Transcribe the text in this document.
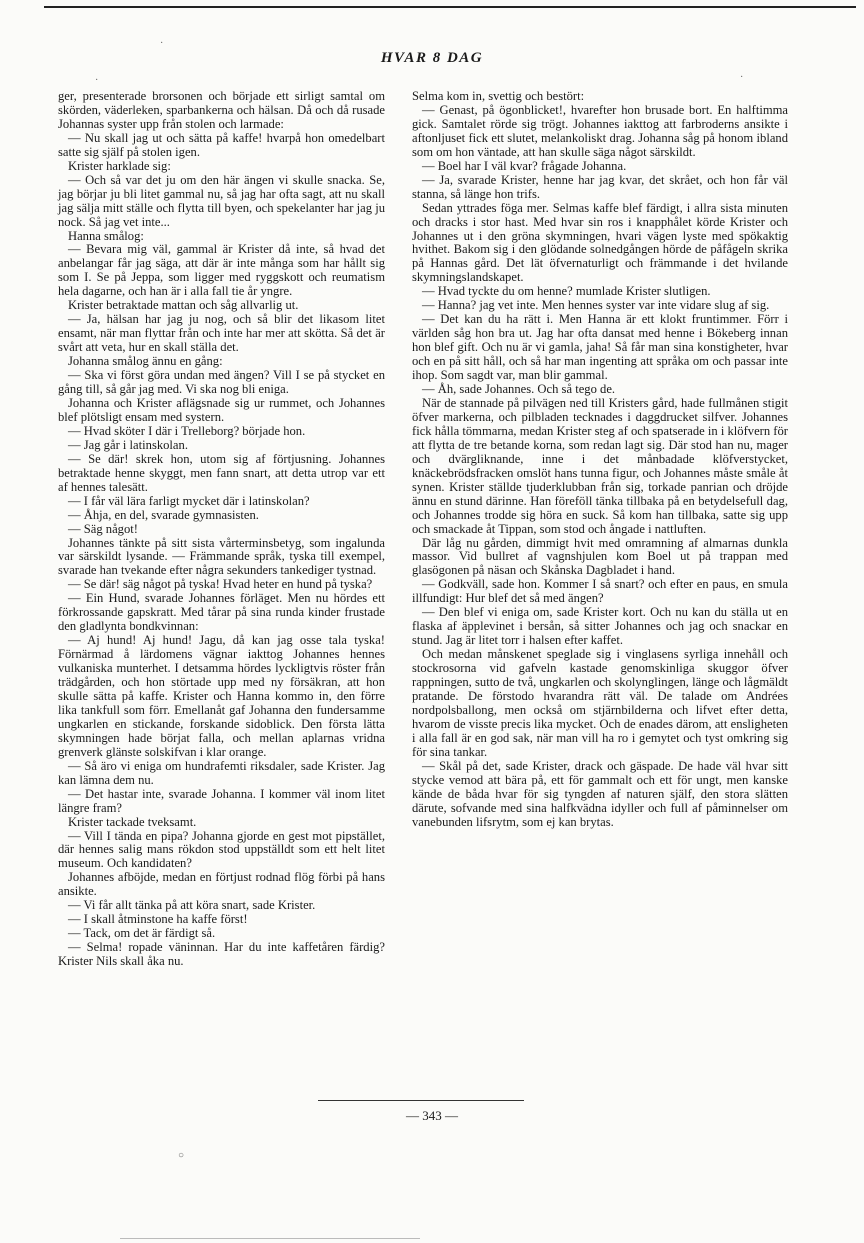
HVAR 8 DAG
·
·	·
○

ger, presenterade brorsonen och började ett sirligt samtal om skörden, väderleken, sparbankerna och hälsan. Då och då rusade Johannas syster upp från stolen och larmade:

— Nu skall jag ut och sätta på kaffe! hvarpå hon omedelbart satte sig själf på stolen igen.

Krister harklade sig:

— Och så var det ju om den här ängen vi skulle snacka. Se, jag börjar ju bli litet gammal nu, så jag har ofta sagt, att nu skall jag sälja mitt ställe och flytta till byen, och spekelanter har jag ju nock. Så jag vet inte...

Hanna smålog:

— Bevara mig väl, gammal är Krister då inte, så hvad det anbelangar får jag säga, att där är inte många som har hållt sig som I. Se på Jeppa, som ligger med ryggskott och reumatism hela dagarne, och han är i alla fall tie år yngre.

Krister betraktade mattan och såg allvarlig ut.

— Ja, hälsan har jag ju nog, och så blir det likasom litet ensamt, när man flyttar från och inte har mer att skötta. Så det är svårt att veta, hur en skall ställa det.

Johanna smålog ännu en gång:

— Ska vi först göra undan med ängen? Vill I se på stycket en gång till, så går jag med. Vi ska nog bli eniga.

Johanna och Krister aflägsnade sig ur rummet, och Johannes blef plötsligt ensam med systern.

— Hvad sköter I där i Trelleborg? började hon.

— Jag går i latinskolan.

— Se där! skrek hon, utom sig af förtjusning. Johannes betraktade henne skyggt, men fann snart, att detta utrop var ett af hennes talesätt.

— I får väl lära farligt mycket där i latinskolan?

— Åhja, en del, svarade gymnasisten.

— Säg något!

Johannes tänkte på sitt sista vårterminsbetyg, som ingalunda var särskildt lysande. — Främmande språk, tyska till exempel, svarade han tvekande efter några sekunders tankediger tystnad.

— Se där! säg något på tyska! Hvad heter en hund på tyska?

— Ein Hund, svarade Johannes förläget. Men nu hördes ett förkrossande gapskratt. Med tårar på sina runda kinder frustade den gladlynta bondkvinnan:

— Aj hund! Aj hund! Jagu, då kan jag osse tala tyska! Förnärmad å lärdomens vägnar iakttog Johannes hennes vulkaniska munterhet. I detsamma hördes lyckligtvis röster från trädgården, och hon störtade upp med ny försäkran, att hon skulle sätta på kaffe. Krister och Hanna kommo in, den förre lika tankfull som förr. Emellanåt gaf Johanna den fundersamme ungkarlen en stickande, forskande sidoblick. Den första lätta skymningen hade börjat falla, och mellan aplarnas vridna grenverk glänste solskifvan i klar orange.

— Så äro vi eniga om hundrafemti riksdaler, sade Krister. Jag kan lämna dem nu.

— Det hastar inte, svarade Johanna. I kommer väl inom litet längre fram?

Krister tackade tveksamt.

— Vill I tända en pipa? Johanna gjorde en gest mot pipstället, där hennes salig mans rökdon stod uppställdt som ett helt litet museum. Och kandidaten?

Johannes afböjde, medan en förtjust rodnad flög förbi på hans ansikte.

— Vi får allt tänka på att köra snart, sade Krister.

— I skall åtminstone ha kaffe först!

— Tack, om det är färdigt så.

— Selma! ropade väninnan. Har du inte kaffetåren färdig? Krister Nils skall åka nu.

Selma kom in, svettig och bestört:

— Genast, på ögonblicket!, hvarefter hon brusade bort. En halftimma gick. Samtalet rörde sig trögt. Johannes iakttog att farbroderns ansikte i aftonljuset fick ett slutet, melankoliskt drag. Johanna såg på honom ibland som om hon väntade, att han skulle säga något särskildt.

— Boel har I väl kvar? frågade Johanna.

— Ja, svarade Krister, henne har jag kvar, det skrået, och hon får väl stanna, så länge hon trifs.

Sedan yttrades föga mer. Selmas kaffe blef färdigt, i allra sista minuten och dracks i stor hast. Med hvar sin ros i knapphålet körde Krister och Johannes ut i den gröna skymningen, hvari vägen lyste med spökaktig hvithet. Bakom sig i den glödande solnedgången hörde de påfågeln skrika på Hannas gård. Det lät öfvernaturligt och främmande i det hvilande skymningslandskapet.

— Hvad tyckte du om henne? mumlade Krister slutligen.

— Hanna? jag vet inte. Men hennes syster var inte vidare slug af sig.

— Det kan du ha rätt i. Men Hanna är ett klokt fruntimmer. Förr i världen såg hon bra ut. Jag har ofta dansat med henne i Bökeberg innan hon blef gift. Och nu är vi gamla, jaha! Så får man sina konstigheter, hvar och en på sitt håll, och så har man ingenting att språka om och passar inte ihop. Som sagdt var, man blir gammal.

— Åh, sade Johannes. Och så tego de.

När de stannade på pilvägen ned till Kristers gård, hade fullmånen stigit öfver markerna, och pilbladen tecknades i daggdrucket silfver. Johannes fick hålla tömmarna, medan Krister steg af och spatserade in i klöfvern för att flytta de tre betande korna, som redan lagt sig. Där stod han nu, mager och dvärgliknande, inne i det månbadade klöfverstycket, knäckebrödsfracken omslöt hans tunna figur, och Johannes måste småle åt synen. Krister ställde tjuderklubban från sig, torkade panrian och dröjde ännu en stund därinne. Han föreföll tänka tillbaka på en betydelsefull dag, och Johannes trodde sig höra en suck. Så kom han tillbaka, satte sig upp och smackade åt Tippan, som stod och ångade i nattluften.

Där låg nu gården, dimmigt hvit med omramning af almarnas dunkla massor. Vid bullret af vagnshjulen kom Boel ut på trappan med glasögonen på näsan och Skånska Dagbladet i hand.

— Godkväll, sade hon. Kommer I så snart? och efter en paus, en smula illfundigt: Hur blef det så med ängen?

— Den blef vi eniga om, sade Krister kort. Och nu kan du ställa ut en flaska af äpplevinet i bersån, så sitter Johannes och jag och snackar en stund. Jag är litet torr i halsen efter kaffet.

Och medan månskenet speglade sig i vinglasens syrliga innehåll och stockrosorna vid gafveln kastade genomskinliga skuggor öfver rappningen, sutto de två, ungkarlen och skolynglingen, länge och lågmäldt pratande. De förstodo hvarandra rätt väl. De talade om Andrées nordpolsballong, men också om stjärnbilderna och lifvet efter detta, hvarom de visste precis lika mycket. Och de enades därom, att ensligheten i alla fall är en god sak, när man vill ha ro i gemytet och tyst omkring sig för sina tankar.

— Skål på det, sade Krister, drack och gäspade. De hade väl hvar sitt stycke vemod att bära på, ett för gammalt och ett för ungt, men kanske kände de båda hvar för sig tyngden af naturen själf, den stora slätten därute, sofvande med sina halfkvädna idyller och full af påminnelser om vanebunden lifsrytm, som ej kan brytas.

— 343 —
